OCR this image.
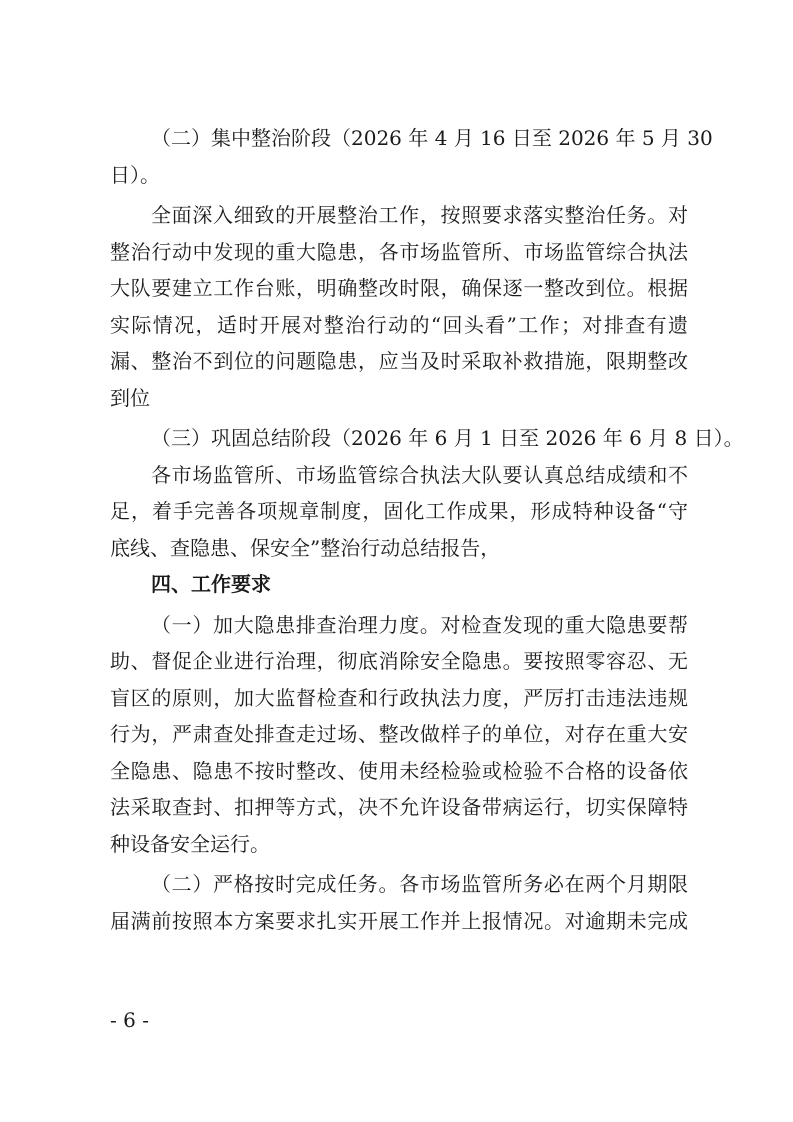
（二）集中整治阶段（2026 年 4 月 16 日至 2026 年 5 月 30
日）。
全面深入细致的开展整治工作，按照要求落实整治任务。对
整治行动中发现的重大隐患，各市场监管所、市场监管综合执法
大队要建立工作台账，明确整改时限，确保逐一整改到位。根据
实际情况，适时开展对整治行动的“回头看”工作；对排查有遗
漏、整治不到位的问题隐患，应当及时采取补救措施，限期整改
到位
（三）巩固总结阶段（2026 年 6 月 1 日至 2026 年 6 月 8 日）。
各市场监管所、市场监管综合执法大队要认真总结成绩和不
足，着手完善各项规章制度，固化工作成果，形成特种设备“守
底线、查隐患、保安全”整治行动总结报告，
四、工作要求
（一）加大隐患排查治理力度。对检查发现的重大隐患要帮
助、督促企业进行治理，彻底消除安全隐患。要按照零容忍、无
盲区的原则，加大监督检查和行政执法力度，严厉打击违法违规
行为，严肃查处排查走过场、整改做样子的单位，对存在重大安
全隐患、隐患不按时整改、使用未经检验或检验不合格的设备依
法采取查封、扣押等方式，决不允许设备带病运行，切实保障特
种设备安全运行。
（二）严格按时完成任务。各市场监管所务必在两个月期限
届满前按照本方案要求扎实开展工作并上报情况。对逾期未完成
- 6 -
